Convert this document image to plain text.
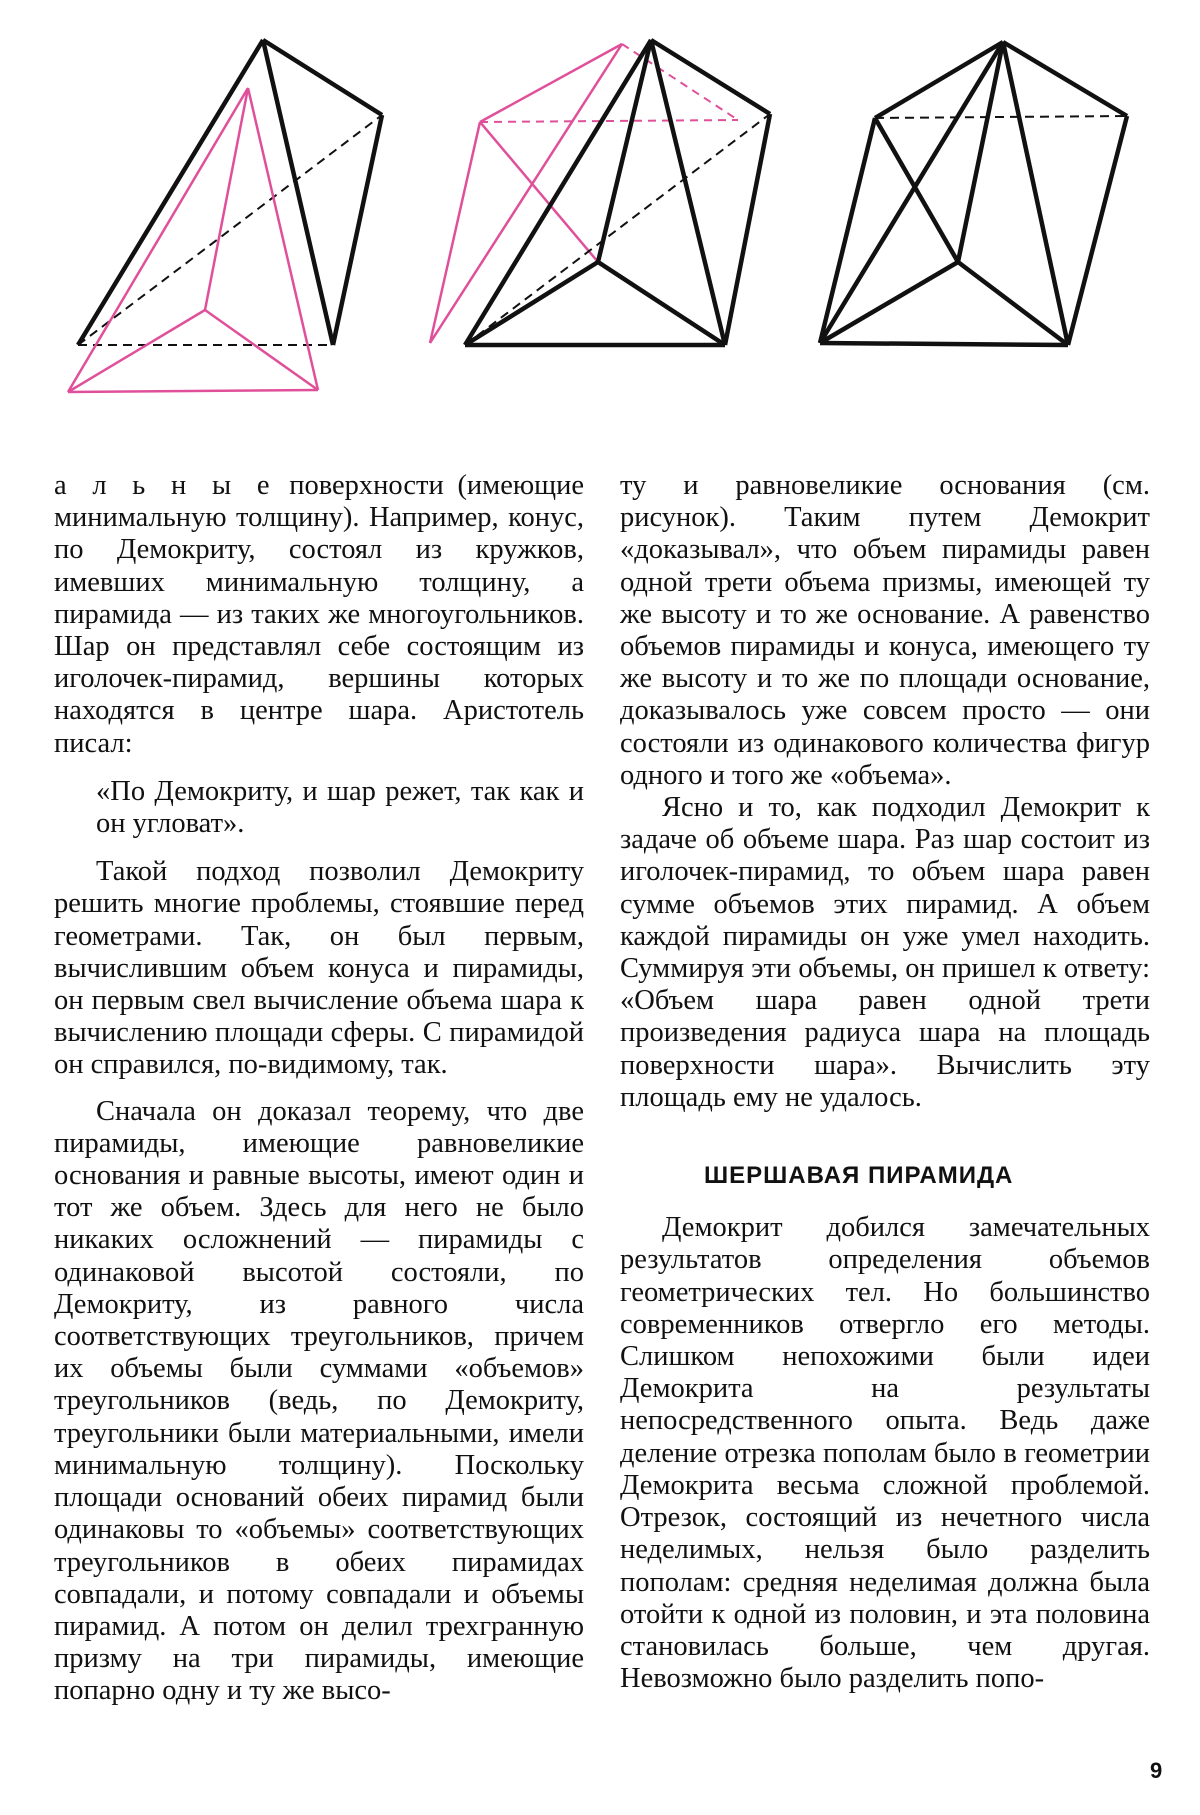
а л ь н ы е поверхности (имеющие минимальную толщину). Например, конус, по Демокриту, состоял из кружков, имевших минимальную толщину, а пирамида — из таких же многоугольников. Шар он представлял себе состоящим из иголочек-пирамид, вершины которых находятся в центре шара. Аристотель писал:

«По Демокриту, и шар режет, так как и он угловат».

Такой подход позволил Демокриту решить многие проблемы, стоявшие перед геометрами. Так, он был первым, вычислившим объем конуса и пирамиды, он первым свел вычисление объема шара к вычислению площади сферы. С пирамидой он справился, по-видимому, так.

Сначала он доказал теорему, что две пирамиды, имеющие равновеликие основания и равные высоты, имеют один и тот же объем. Здесь для него не было никаких осложнений — пирамиды с одинаковой высотой состояли, по Демокриту, из равного числа соответствующих треугольников, причем их объемы были суммами «объемов» треугольников (ведь, по Демокриту, треугольники были материальными, имели минимальную толщину). Поскольку площади оснований обеих пирамид были одинаковы то «объемы» соответствующих треугольников в обеих пирамидах совпадали, и потому совпадали и объемы пирамид. А потом он делил трехгранную призму на три пирамиды, имеющие попарно одну и ту же высо-

ту и равновеликие основания (см. рисунок). Таким путем Демокрит «доказывал», что объем пирамиды равен одной трети объема призмы, имеющей ту же высоту и то же основание. А равенство объемов пирамиды и конуса, имеющего ту же высоту и то же по площади основание, доказывалось уже совсем просто — они состояли из одинакового количества фигур одного и того же «объема».

Ясно и то, как подходил Демокрит к задаче об объеме шара. Раз шар состоит из иголочек-пирамид, то объем шара равен сумме объемов этих пирамид. А объем каждой пирамиды он уже умел находить. Суммируя эти объемы, он пришел к ответу: «Объем шара равен одной трети произведения радиуса шара на площадь поверхности шара». Вычислить эту площадь ему не удалось.

ШЕРШАВАЯ ПИРАМИДА

Демокрит добился замечательных результатов определения объемов геометрических тел. Но большинство современников отвергло его методы. Слишком непохожими были идеи Демокрита на результаты непосредственного опыта. Ведь даже деление отрезка пополам было в геометрии Демокрита весьма сложной проблемой. Отрезок, состоящий из нечетного числа неделимых, нельзя было разделить пополам: средняя неделимая должна была отойти к одной из половин, и эта половина становилась больше, чем другая. Невозможно было разделить попо-

9
